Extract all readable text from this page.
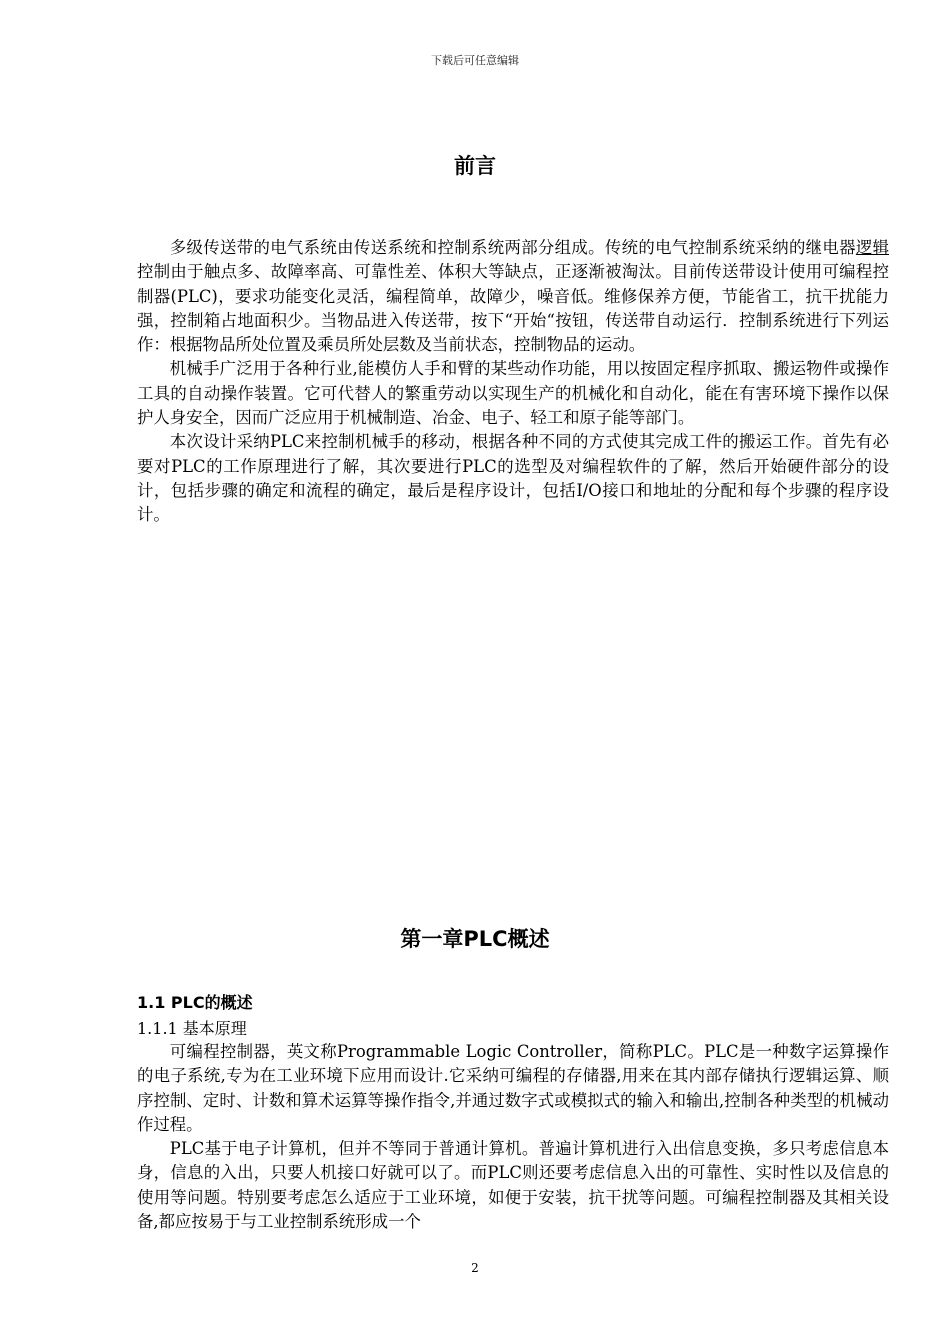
下载后可任意编辑
前言

多级传送带的电气系统由传送系统和控制系统两部分组成。传统的电气控制系统采纳的继电器逻辑控制由于触点多、故障率高、可靠性差、体积大等缺点，正逐渐被淘汰。目前传送带设计使用可编程控制器(PLC)，要求功能变化灵活，编程简单，故障少，噪音低。维修保养方便，节能省工，抗干扰能力强，控制箱占地面积少。当物品进入传送带，按下“开始“按钮，传送带自动运行．控制系统进行下列运作：根据物品所处位置及乘员所处层数及当前状态，控制物品的运动。

机械手广泛用于各种行业,能模仿人手和臂的某些动作功能，用以按固定程序抓取、搬运物件或操作工具的自动操作装置。它可代替人的繁重劳动以实现生产的机械化和自动化，能在有害环境下操作以保护人身安全，因而广泛应用于机械制造、冶金、电子、轻工和原子能等部门。

本次设计采纳PLC来控制机械手的移动，根据各种不同的方式使其完成工件的搬运工作。首先有必要对PLC的工作原理进行了解，其次要进行PLC的选型及对编程软件的了解，然后开始硬件部分的设计，包括步骤的确定和流程的确定，最后是程序设计，包括I/O接口和地址的分配和每个步骤的程序设计。

第一章PLC概述
1.1 PLC的概述
1.1.1 基本原理

可编程控制器，英文称Programmable Logic Controller，简称PLC。PLC是一种数字运算操作的电子系统,专为在工业环境下应用而设计.它采纳可编程的存储器,用来在其内部存储执行逻辑运算、顺序控制、定时、计数和算术运算等操作指令,并通过数字式或模拟式的输入和输出,控制各种类型的机械动作过程。

PLC基于电子计算机，但并不等同于普通计算机。普遍计算机进行入出信息变换，多只考虑信息本身，信息的入出，只要人机接口好就可以了。而PLC则还要考虑信息入出的可靠性、实时性以及信息的使用等问题。特别要考虑怎么适应于工业环境，如便于安装，抗干扰等问题。可编程控制器及其相关设备,都应按易于与工业控制系统形成一个

2
